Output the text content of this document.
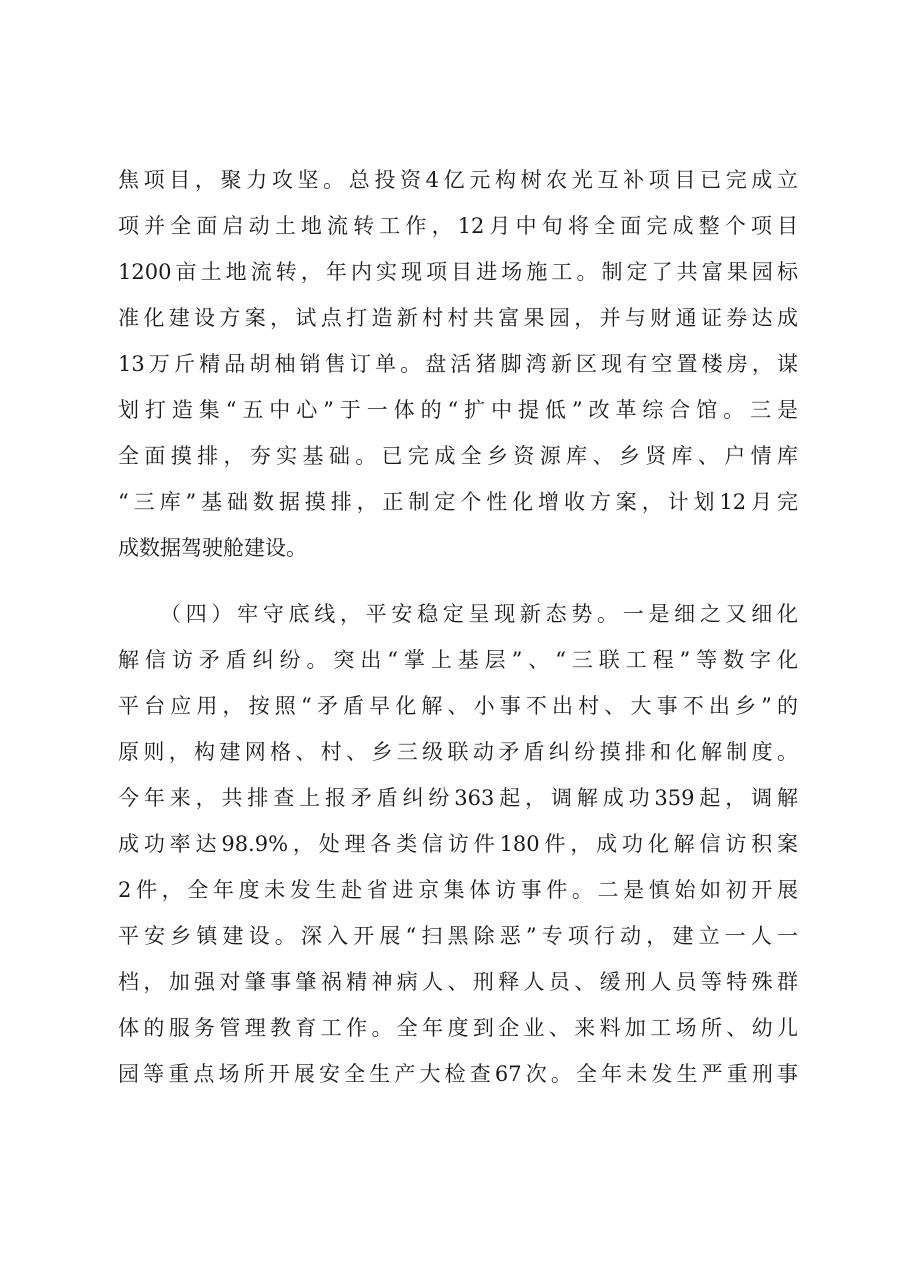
焦项目，聚力攻坚。总投资4亿元构树农光互补项目已完成立
项并全面启动土地流转工作，12月中旬将全面完成整个项目
1200亩土地流转，年内实现项目进场施工。制定了共富果园标
准化建设方案，试点打造新村村共富果园，并与财通证券达成
13万斤精品胡柚销售订单。盘活猪脚湾新区现有空置楼房，谋
划打造集“五中心”于一体的“扩中提低”改革综合馆。三是
全面摸排，夯实基础。已完成全乡资源库、乡贤库、户情库
“三库”基础数据摸排，正制定个性化增收方案，计划12月完
成数据驾驶舱建设。
（四）牢守底线，平安稳定呈现新态势。一是细之又细化
解信访矛盾纠纷。突出“掌上基层”、“三联工程”等数字化
平台应用，按照“矛盾早化解、小事不出村、大事不出乡”的
原则，构建网格、村、乡三级联动矛盾纠纷摸排和化解制度。
今年来，共排查上报矛盾纠纷363起，调解成功359起，调解
成功率达98.9%，处理各类信访件180件，成功化解信访积案
2件，全年度未发生赴省进京集体访事件。二是慎始如初开展
平安乡镇建设。深入开展“扫黑除恶”专项行动，建立一人一
档，加强对肇事肇祸精神病人、刑释人员、缓刑人员等特殊群
体的服务管理教育工作。全年度到企业、来料加工场所、幼儿
园等重点场所开展安全生产大检查67次。全年未发生严重刑事
